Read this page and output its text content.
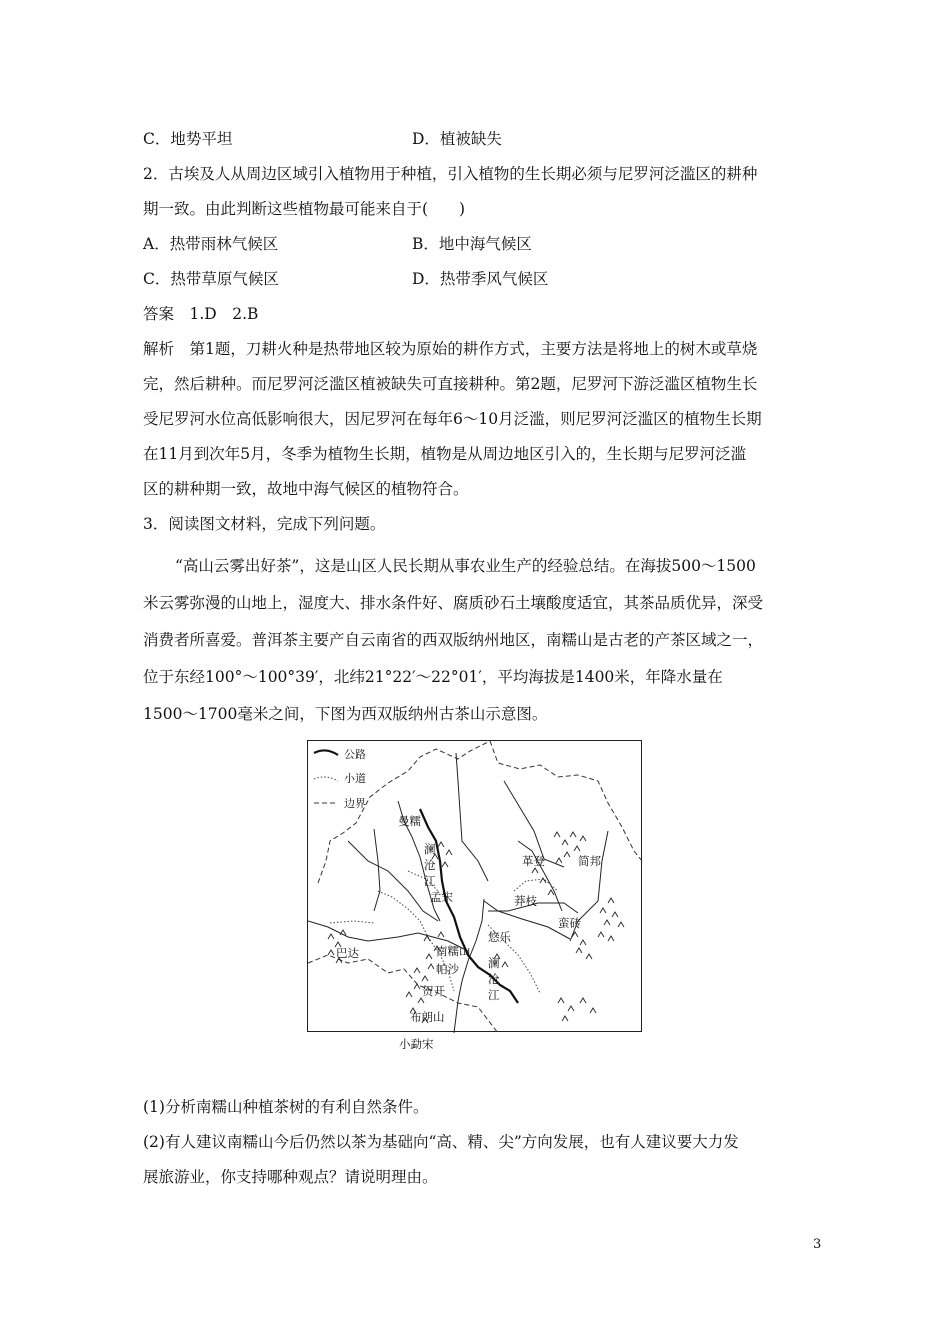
C．地势平坦	D．植被缺失
2．古埃及人从周边区域引入植物用于种植，引入植物的生长期必须与尼罗河泛滥区的耕种
期一致。由此判断这些植物最可能来自于(　　)
A．热带雨林气候区	B．地中海气候区
C．热带草原气候区	D．热带季风气候区
答案　1.D　2.B
解析　第1题，刀耕火种是热带地区较为原始的耕作方式，主要方法是将地上的树木或草烧
完，然后耕种。而尼罗河泛滥区植被缺失可直接耕种。第2题，尼罗河下游泛滥区植物生长
受尼罗河水位高低影响很大，因尼罗河在每年6～10月泛滥，则尼罗河泛滥区的植物生长期
在11月到次年5月，冬季为植物生长期，植物是从周边地区引入的，生长期与尼罗河泛滥
区的耕种期一致，故地中海气候区的植物符合。
3．阅读图文材料，完成下列问题。
“高山云雾出好茶”，这是山区人民长期从事农业生产的经验总结。在海拔500～1500
米云雾弥漫的山地上，湿度大、排水条件好、腐质砂石土壤酸度适宜，其茶品质优异，深受
消费者所喜爱。普洱茶主要产自云南省的西双版纳州地区，南糯山是古老的产茶区域之一，
位于东经100°～100°39′，北纬21°22′～22°01′，平均海拔是1400米，年降水量在
1500～1700毫米之间，下图为西双版纳州古茶山示意图。
公路
小道
边界
曼糯
澜
沧
江
孟宋
革登	简邦
莽枝
蛮砖
悠乐
巴达	南糯山
帕沙	澜
沧
江
贺开
布朗山
小勐宋
(1)分析南糯山种植茶树的有利自然条件。
(2)有人建议南糯山今后仍然以茶为基础向“高、精、尖”方向发展，也有人建议要大力发
展旅游业，你支持哪种观点？请说明理由。
3
